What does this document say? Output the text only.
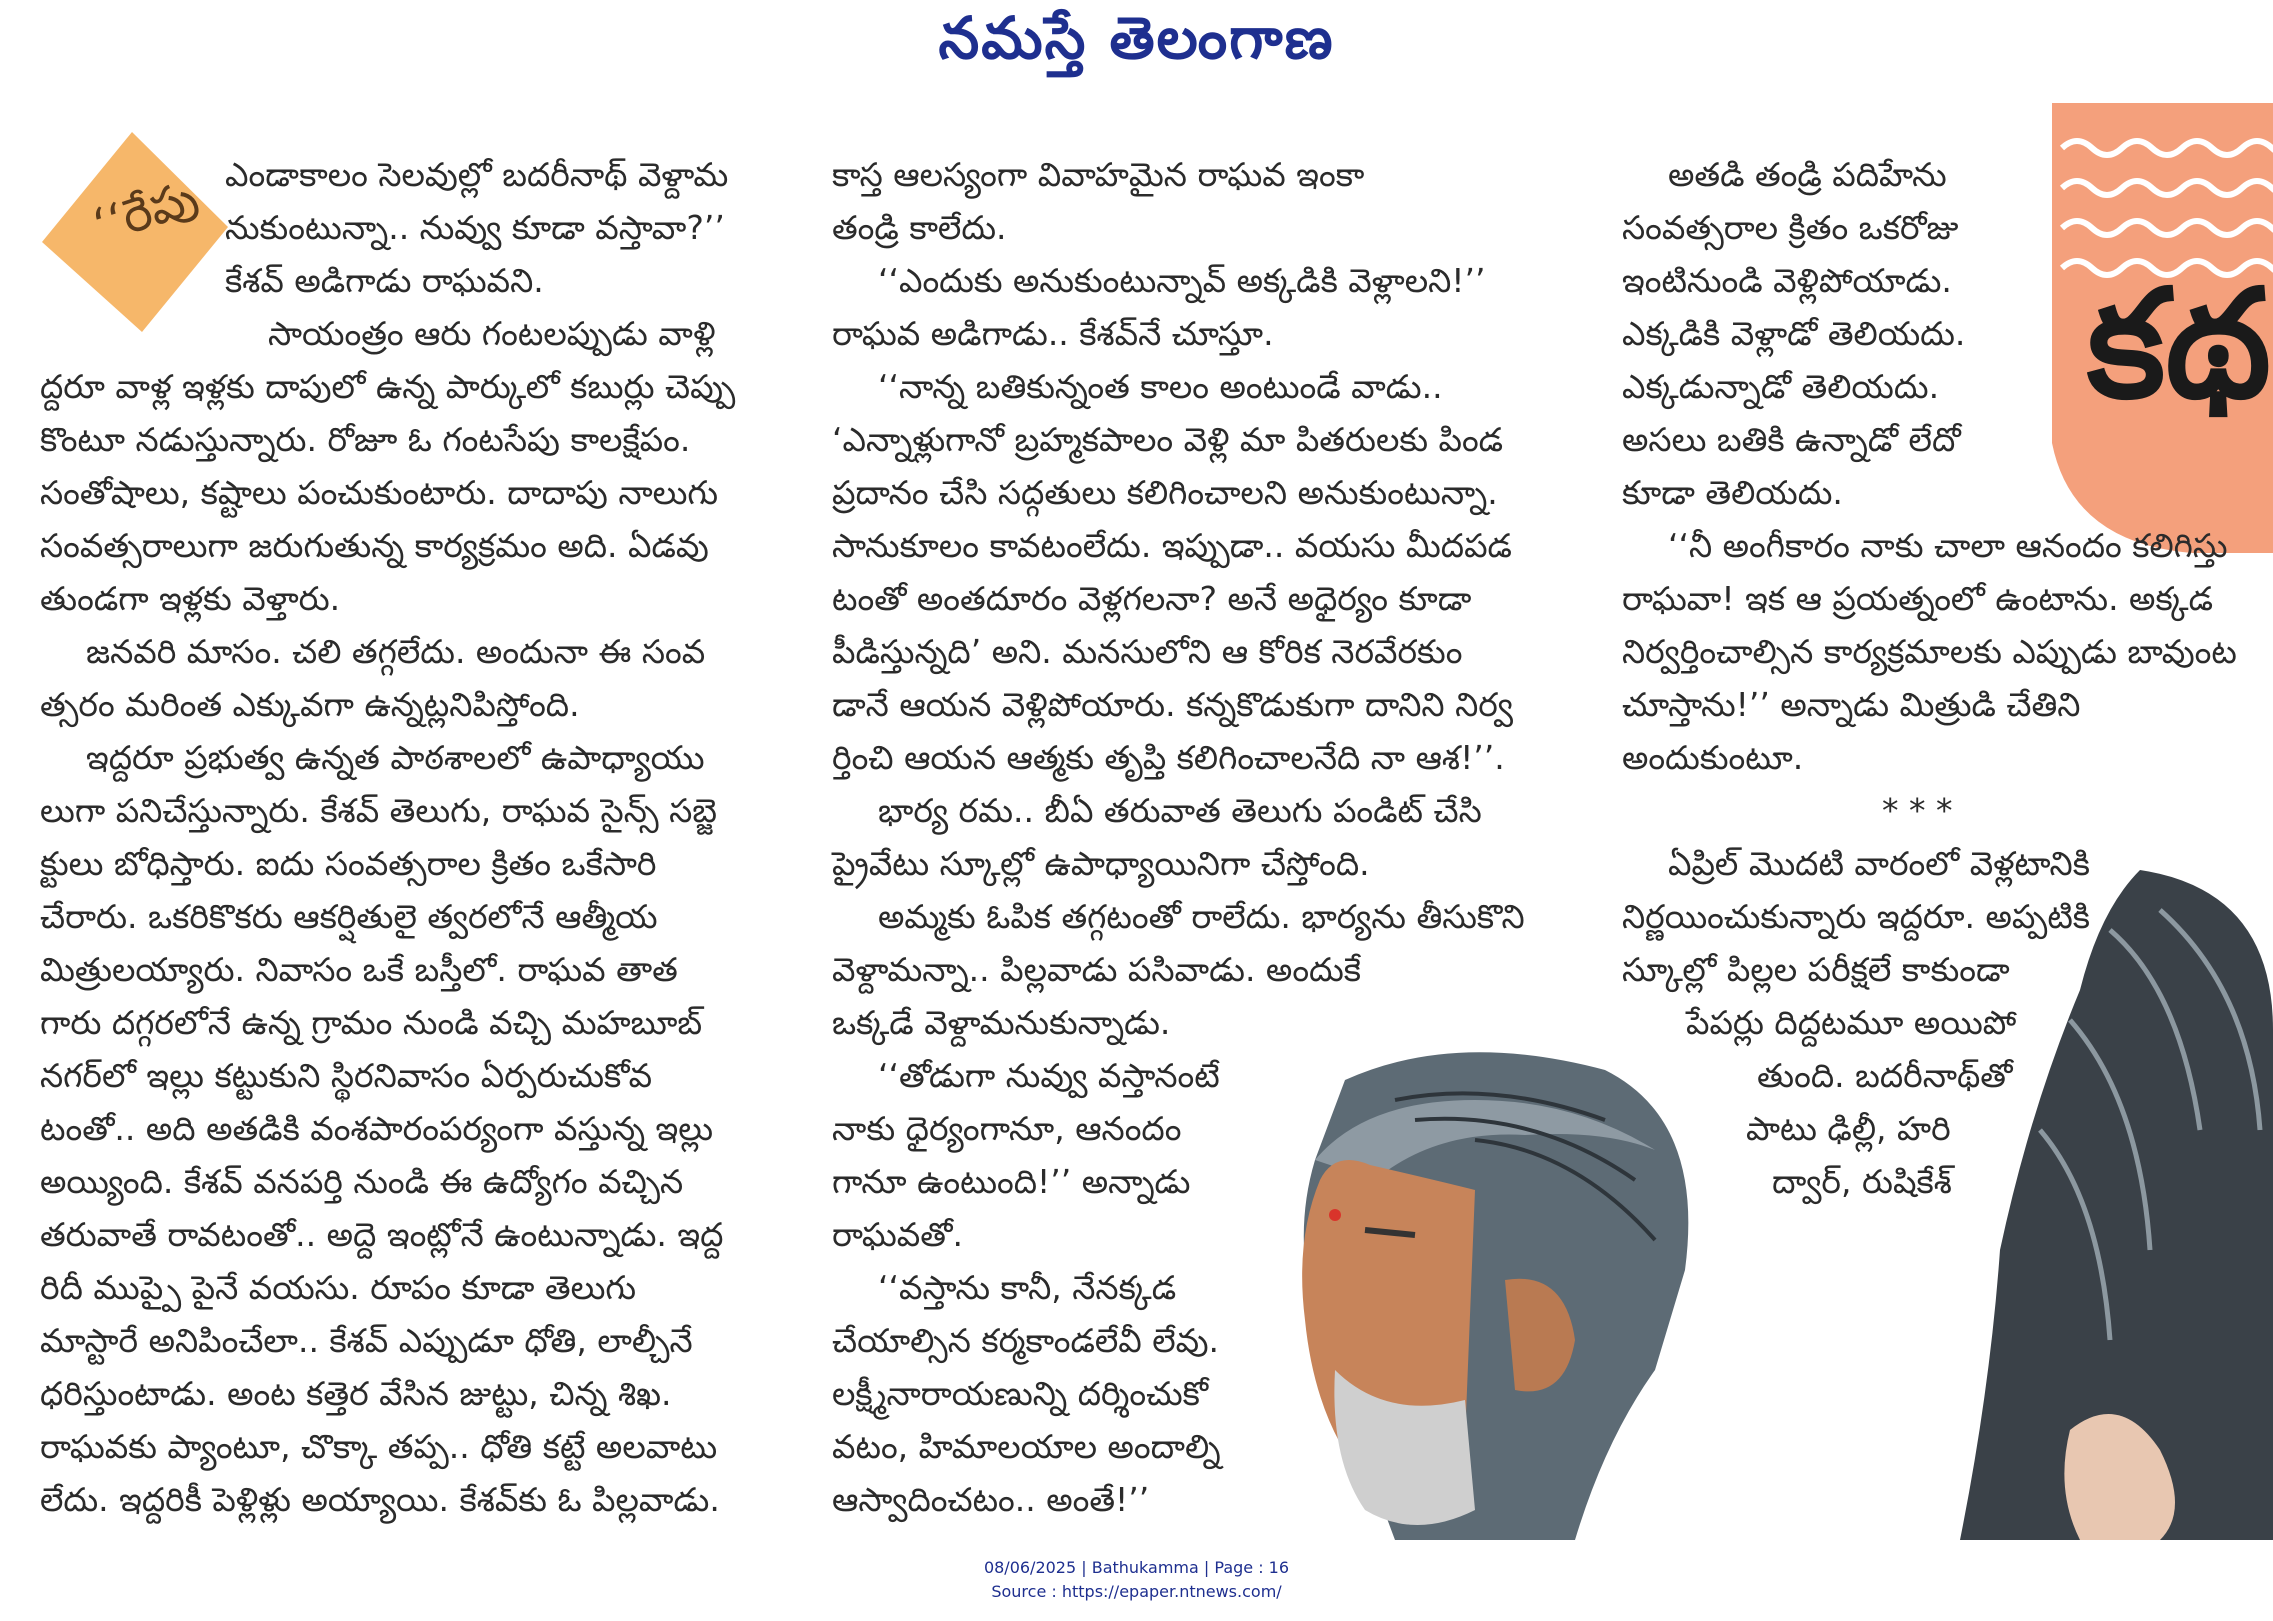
నమస్తే తెలంగాణ
‘‘రేపు
కథ

ఎండాకాలం సెలవుల్లో బదరీనాథ్ వెళ్దామ

నుకుంటున్నా.. నువ్వు కూడా వస్తావా?’’

కేశవ్ అడిగాడు రాఘవని.

సాయంత్రం ఆరు గంటలప్పుడు వాళ్లి

ద్దరూ వాళ్ల ఇళ్లకు దాపులో ఉన్న పార్కులో కబుర్లు చెప్పు

కొంటూ నడుస్తున్నారు. రోజూ ఓ గంటసేపు కాలక్షేపం.

సంతోషాలు, కష్టాలు పంచుకుంటారు. దాదాపు నాలుగు

సంవత్సరాలుగా జరుగుతున్న కార్యక్రమం అది. ఏడవు

తుండగా ఇళ్లకు వెళ్తారు.

జనవరి మాసం. చలి తగ్గలేదు. అందునా ఈ సంవ

త్సరం మరింత ఎక్కువగా ఉన్నట్లనిపిస్తోంది.

ఇద్దరూ ప్రభుత్వ ఉన్నత పాఠశాలలో ఉపాధ్యాయు

లుగా పనిచేస్తున్నారు. కేశవ్ తెలుగు, రాఘవ సైన్స్ సబ్జె

క్టులు బోధిస్తారు. ఐదు సంవత్సరాల క్రితం ఒకేసారి

చేరారు. ఒకరికొకరు ఆకర్షితులై త్వరలోనే ఆత్మీయ

మిత్రులయ్యారు. నివాసం ఒకే బస్తీలో. రాఘవ తాత

గారు దగ్గరలోనే ఉన్న గ్రామం నుండి వచ్చి మహబూబ్

నగర్‌లో ఇల్లు కట్టుకుని స్థిరనివాసం ఏర్పరుచుకోవ

టంతో.. అది అతడికి వంశపారంపర్యంగా వస్తున్న ఇల్లు

అయ్యింది. కేశవ్ వనపర్తి నుండి ఈ ఉద్యోగం వచ్చిన

తరువాతే రావటంతో.. అద్దె ఇంట్లోనే ఉంటున్నాడు. ఇద్ద

రిదీ ముప్పై పైనే వయసు. రూపం కూడా తెలుగు

మాస్టారే అనిపించేలా.. కేశవ్ ఎప్పుడూ ధోతి, లాల్చీనే

ధరిస్తుంటాడు. అంట కత్తెర వేసిన జుట్టు, చిన్న శిఖ.

రాఘవకు ప్యాంటూ, చొక్కా తప్ప.. ధోతి కట్టే అలవాటు

లేదు. ఇద్దరికీ పెళ్లిళ్లు అయ్యాయి. కేశవ్‌కు ఓ పిల్లవాడు.

కాస్త ఆలస్యంగా వివాహమైన రాఘవ ఇంకా

తండ్రి కాలేదు.

‘‘ఎందుకు అనుకుంటున్నావ్ అక్కడికి వెళ్లాలని!’’

రాఘవ అడిగాడు.. కేశవ్‌నే చూస్తూ.

‘‘నాన్న బతికున్నంత కాలం అంటుండే వాడు..

‘ఎన్నాళ్లుగానో బ్రహ్మకపాలం వెళ్లి మా పితరులకు పిండ

ప్రదానం చేసి సద్గతులు కలిగించాలని అనుకుంటున్నా.

సానుకూలం కావటంలేదు. ఇప్పుడా.. వయసు మీదపడ

టంతో అంతదూరం వెళ్లగలనా? అనే అధైర్యం కూడా

పీడిస్తున్నది’ అని. మనసులోని ఆ కోరిక నెరవేరకుం

డానే ఆయన వెళ్లిపోయారు. కన్నకొడుకుగా దానిని నిర్వ

ర్తించి ఆయన ఆత్మకు తృప్తి కలిగించాలనేది నా ఆశ!’’.

భార్య రమ.. బీఏ తరువాత తెలుగు పండిట్ చేసి

ప్రైవేటు స్కూల్లో ఉపాధ్యాయినిగా చేస్తోంది.

అమ్మకు ఓపిక తగ్గటంతో రాలేదు. భార్యను తీసుకొని

వెళ్దామన్నా.. పిల్లవాడు పసివాడు. అందుకే

ఒక్కడే వెళ్దామనుకున్నాడు.

‘‘తోడుగా నువ్వు వస్తానంటే

నాకు ధైర్యంగానూ, ఆనందం

గానూ ఉంటుంది!’’ అన్నాడు

రాఘవతో.

‘‘వస్తాను కానీ, నేనక్కడ

చేయాల్సిన కర్మకాండలేవీ లేవు.

లక్ష్మీనారాయణున్ని దర్శించుకో

వటం, హిమాలయాల అందాల్ని

ఆస్వాదించటం.. అంతే!’’

అతడి తండ్రి పదిహేను

సంవత్సరాల క్రితం ఒకరోజు

ఇంటినుండి వెళ్లిపోయాడు.

ఎక్కడికి వెళ్లాడో తెలియదు.

ఎక్కడున్నాడో తెలియదు.

అసలు బతికి ఉన్నాడో లేదో

కూడా తెలియదు.

‘‘నీ అంగీకారం నాకు చాలా ఆనందం కలిగిస్తు

రాఘవా! ఇక ఆ ప్రయత్నంలో ఉంటాను. అక్కడ

నిర్వర్తించాల్సిన కార్యక్రమాలకు ఎప్పుడు బావుంట

చూస్తాను!’’ అన్నాడు మిత్రుడి చేతిని

అందుకుంటూ.

* * *

ఏప్రిల్ మొదటి వారంలో వెళ్లటానికి

నిర్ణయించుకున్నారు ఇద్దరూ. అప్పటికి

స్కూల్లో పిల్లల పరీక్షలే కాకుండా

పేపర్లు దిద్దటమూ అయిపో

తుంది. బదరీనాథ్‌తో

పాటు ఢిల్లీ, హరి

ద్వార్, రుషికేశ్

08/06/2025 | Bathukamma | Page : 16
Source : https://epaper.ntnews.com/
